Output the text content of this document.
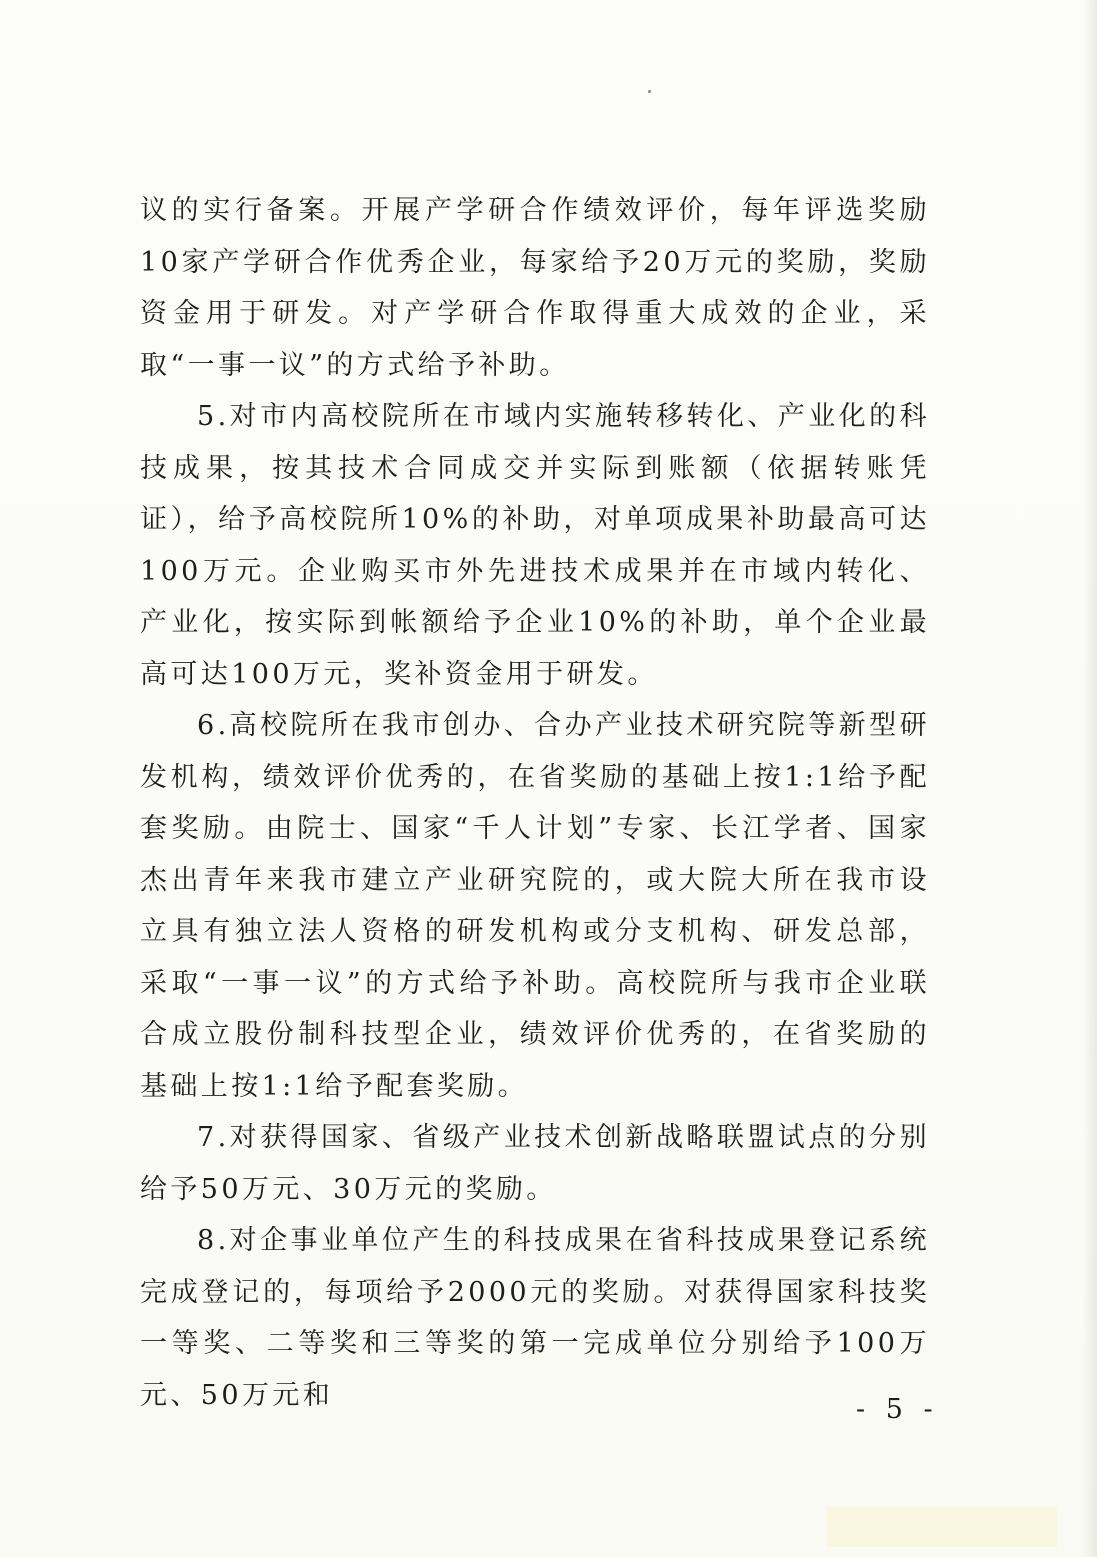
议的实行备案。开展产学研合作绩效评价，每年评选奖励10家产学研合作优秀企业，每家给予20万元的奖励，奖励资金用于研发。对产学研合作取得重大成效的企业，采取“一事一议”的方式给予补助。

5.对市内高校院所在市域内实施转移转化、产业化的科技成果，按其技术合同成交并实际到账额（依据转账凭证），给予高校院所10%的补助，对单项成果补助最高可达100万元。企业购买市外先进技术成果并在市域内转化、产业化，按实际到帐额给予企业10%的补助，单个企业最高可达100万元，奖补资金用于研发。

6.高校院所在我市创办、合办产业技术研究院等新型研发机构，绩效评价优秀的，在省奖励的基础上按1:1给予配套奖励。由院士、国家“千人计划”专家、长江学者、国家杰出青年来我市建立产业研究院的，或大院大所在我市设立具有独立法人资格的研发机构或分支机构、研发总部，采取“一事一议”的方式给予补助。高校院所与我市企业联合成立股份制科技型企业，绩效评价优秀的，在省奖励的基础上按1:1给予配套奖励。

7.对获得国家、省级产业技术创新战略联盟试点的分别给予50万元、30万元的奖励。

8.对企事业单位产生的科技成果在省科技成果登记系统完成登记的，每项给予2000元的奖励。对获得国家科技奖一等奖、二等奖和三等奖的第一完成单位分别给予100万元、50万元和	- 5 -
